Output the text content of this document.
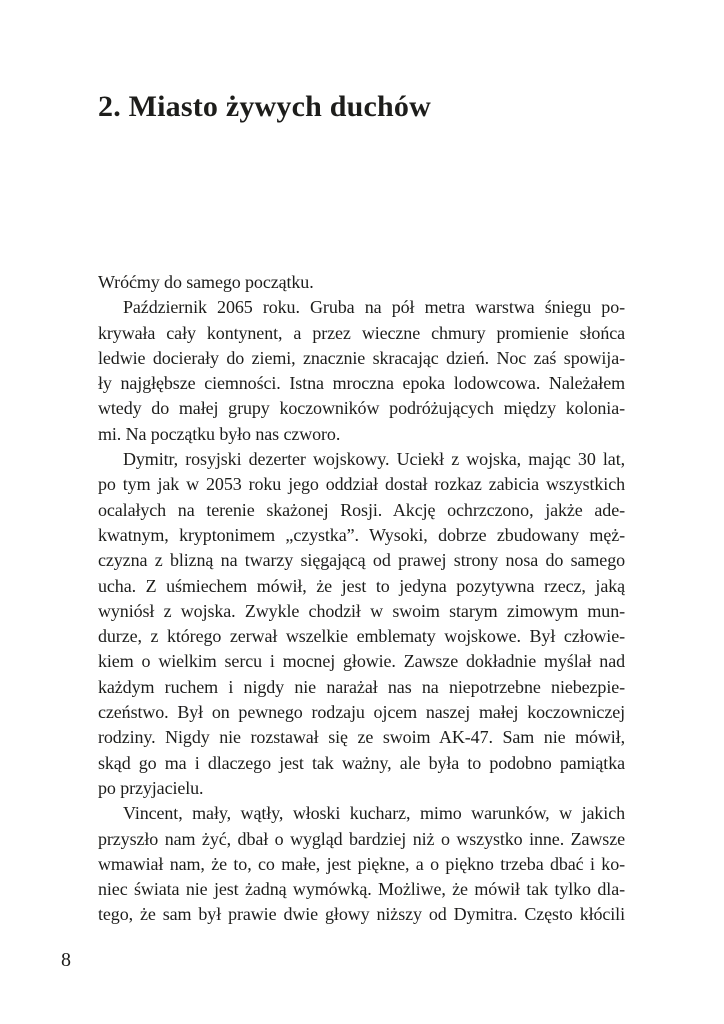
2. Miasto żywych duchów
Wróćmy do samego początku.
Październik 2065 roku. Gruba na pół metra warstwa śniegu po-
krywała cały kontynent, a przez wieczne chmury promienie słońca
ledwie docierały do ziemi, znacznie skracając dzień. Noc zaś spowija-
ły najgłębsze ciemności. Istna mroczna epoka lodowcowa. Należałem
wtedy do małej grupy koczowników podróżujących między kolonia-
mi. Na początku było nas czworo.
Dymitr, rosyjski dezerter wojskowy. Uciekł z wojska, mając 30 lat,
po tym jak w 2053 roku jego oddział dostał rozkaz zabicia wszystkich
ocalałych na terenie skażonej Rosji. Akcję ochrzczono, jakże ade-
kwatnym, kryptonimem „czystka”. Wysoki, dobrze zbudowany męż-
czyzna z blizną na twarzy sięgającą od prawej strony nosa do samego
ucha. Z uśmiechem mówił, że jest to jedyna pozytywna rzecz, jaką
wyniósł z wojska. Zwykle chodził w swoim starym zimowym mun-
durze, z którego zerwał wszelkie emblematy wojskowe. Był człowie-
kiem o wielkim sercu i mocnej głowie. Zawsze dokładnie myślał nad
każdym ruchem i nigdy nie narażał nas na niepotrzebne niebezpie-
czeństwo. Był on pewnego rodzaju ojcem naszej małej koczowniczej
rodziny. Nigdy nie rozstawał się ze swoim AK-47. Sam nie mówił,
skąd go ma i dlaczego jest tak ważny, ale była to podobno pamiątka
po przyjacielu.
Vincent, mały, wątły, włoski kucharz, mimo warunków, w jakich
przyszło nam żyć, dbał o wygląd bardziej niż o wszystko inne. Zawsze
wmawiał nam, że to, co małe, jest piękne, a o piękno trzeba dbać i ko-
niec świata nie jest żadną wymówką. Możliwe, że mówił tak tylko dla-
tego, że sam był prawie dwie głowy niższy od Dymitra. Często kłócili
8
